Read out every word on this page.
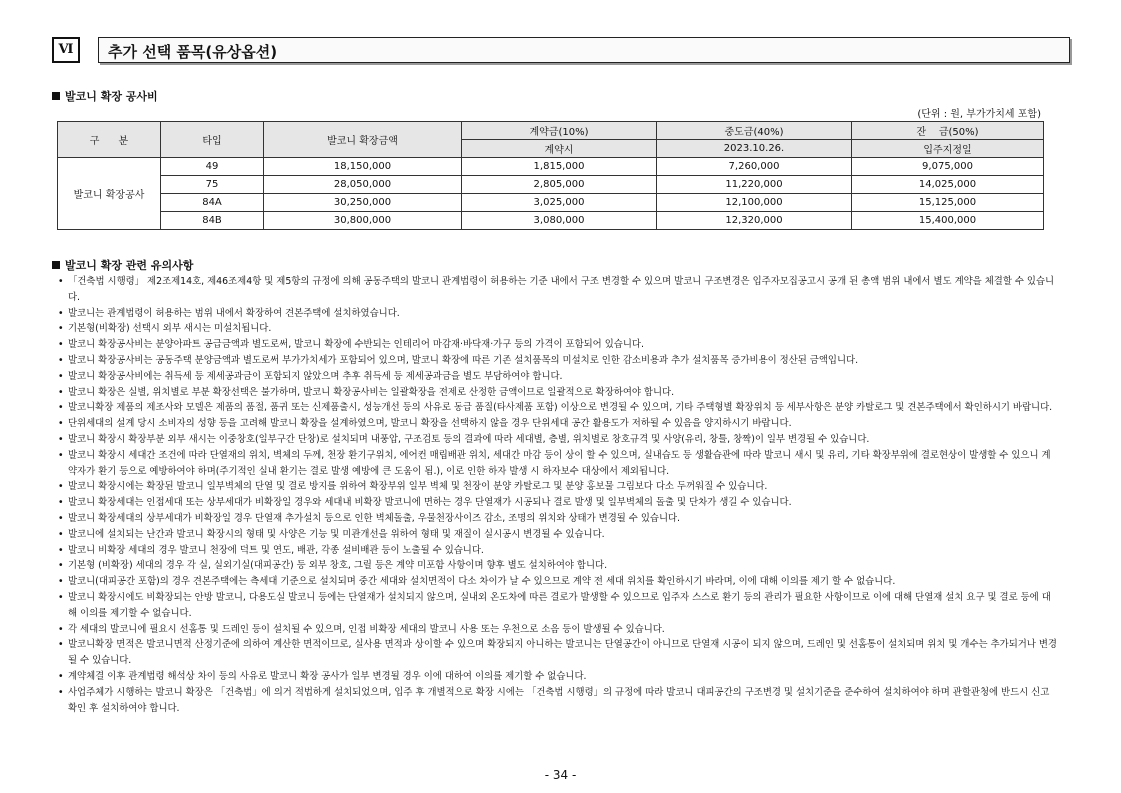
Ⅵ	추가 선택 품목(유상옵션)
발코니 확장 공사비
(단위 : 원, 부가가치세 포함)
구      분	타입	발코니 확장금액	계약금(10%)	중도금(40%)	잔    금(50%)
			계약시	2023.10.26.	입주지정일
발코니 확장공사	49	18,150,000	1,815,000	7,260,000	9,075,000
	75	28,050,000	2,805,000	11,220,000	14,025,000
	84A	30,250,000	3,025,000	12,100,000	15,125,000
	84B	30,800,000	3,080,000	12,320,000	15,400,000
발코니 확장 관련 유의사항
• 「건축법 시행령」 제2조제14호, 제46조제4항 및 제5항의 규정에 의해 공동주택의 발코니 관계법령이 허용하는 기준 내에서 구조 변경할 수 있으며 발코니 구조변경은 입주자모집공고시 공개 된 총액 범위 내에서 별도 계약을 체결할 수 있습니다.
• 발코니는 관계법령이 허용하는 범위 내에서 확장하여 견본주택에 설치하였습니다.
• 기본형(비확장) 선택시 외부 새시는 미설치됩니다.
• 발코니 확장공사비는 분양아파트 공급금액과 별도로써, 발코니 확장에 수반되는 인테리어 마감재·바닥재·가구 등의 가격이 포함되어 있습니다.
• 발코니 확장공사비는 공동주택 분양금액과 별도로써 부가가치세가 포함되어 있으며, 발코니 확장에 따른 기존 설치품목의 미설치로 인한 감소비용과 추가 설치품목 증가비용이 정산된 금액입니다.
• 발코니 확장공사비에는 취득세 등 제세공과금이 포함되지 않았으며 추후 취득세 등 제세공과금을 별도 부담하여야 합니다.
• 발코니 확장은 실별, 위치별로 부분 확장선택은 불가하며, 발코니 확장공사비는 일괄확장을 전제로 산정한 금액이므로 일괄적으로 확장하여야 합니다.
• 발코니확장 제품의 제조사와 모델은 제품의 품절, 품귀 또는 신제품출시, 성능개선 등의 사유로 동급 품질(타사제품 포함) 이상으로 변경될 수 있으며, 기타 주택형별 확장위치 등 세부사항은 분양 카탈로그 및 견본주택에서 확인하시기 바랍니다.
• 단위세대의 설계 당시 소비자의 성향 등을 고려해 발코니 확장을 설계하였으며, 발코니 확장을 선택하지 않을 경우 단위세대 공간 활용도가 저하될 수 있음을 양지하시기 바랍니다.
• 발코니 확장시 확장부분 외부 새시는 이중창호(일부구간 단창)로 설치되며 내풍압, 구조검토 등의 결과에 따라 세대별, 층별, 위치별로 창호규격 및 사양(유리, 창틀, 창짝)이 일부 변경될 수 있습니다.
• 발코니 확장시 세대간 조건에 따라 단열재의 위치, 벽체의 두께, 천장 환기구위치, 에어컨 매립배관 위치, 세대간 마감 등이 상이 할 수 있으며, 실내습도 등 생활습관에 따라 발코니 새시 및 유리, 기타 확장부위에 결로현상이 발생할 수 있으니 계약자가 환기 등으로 예방하여야 하며(주기적인 실내 환기는 결로 발생 예방에 큰 도움이 됨.), 이로 인한 하자 발생 시 하자보수 대상에서 제외됩니다.
• 발코니 확장시에는 확장된 발코니 일부벽체의 단열 및 결로 방지를 위하여 확장부위 일부 벽체 및 천장이 분양 카탈로그 및 분양 홍보물 그림보다 다소 두꺼워질 수 있습니다.
• 발코니 확장세대는 인접세대 또는 상부세대가 비확장일 경우와 세대내 비확장 발코니에 면하는 경우 단열재가 시공되나 결로 발생 및 일부벽체의 돌출 및 단차가 생길 수 있습니다.
• 발코니 확장세대의 상부세대가 비확장일 경우 단열재 추가설치 등으로 인한 벽체돌출, 우물천장사이즈 감소, 조명의 위치와 상태가 변경될 수 있습니다.
• 발코니에 설치되는 난간과 발코니 확장시의 형태 및 사양은 기능 및 미관개선을 위하여 형태 및 재질이 실시공시 변경될 수 있습니다.
• 발코니 비확장 세대의 경우 발코니 천장에 덕트 및 연도, 배관, 각종 설비배관 등이 노출될 수 있습니다.
• 기본형 (비확장) 세대의 경우 각 실, 실외기실(대피공간) 등 외부 창호, 그릴 등은 계약 미포함 사항이며 향후 별도 설치하여야 합니다.
• 발코니(대피공간 포함)의 경우 견본주택에는 측세대 기준으로 설치되며 중간 세대와 설치면적이 다소 차이가 날 수 있으므로 계약 전 세대 위치를 확인하시기 바라며, 이에 대해 이의를 제기 할 수 없습니다.
• 발코니 확장시에도 비확장되는 안방 발코니, 다용도실 발코니 등에는 단열재가 설치되지 않으며, 실내외 온도차에 따른 결로가 발생할 수 있으므로 입주자 스스로 환기 등의 관리가 필요한 사항이므로 이에 대해 단열재 설치 요구 및 결로 등에 대해 이의를 제기할 수 없습니다.
• 각 세대의 발코니에 필요시 선홈통 및 드레인 등이 설치될 수 있으며, 인접 비확장 세대의 발코니 사용 또는 우천으로 소음 등이 발생될 수 있습니다.
• 발코니확장 면적은 발코니면적 산정기준에 의하여 계산한 면적이므로, 실사용 면적과 상이할 수 있으며 확장되지 아니하는 발코니는 단열공간이 아니므로 단열재 시공이 되지 않으며, 드레인 및 선홈통이 설치되며 위치 및 개수는 추가되거나 변경될 수 있습니다.
• 계약체결 이후 관계법령 해석상 차이 등의 사유로 발코니 확장 공사가 일부 변경될 경우 이에 대하여 이의를 제기할 수 없습니다.
• 사업주체가 시행하는 발코니 확장은 「건축법」에 의거 적법하게 설치되었으며, 입주 후 개별적으로 확장 시에는 「건축법 시행령」의 규정에 따라 발코니 대피공간의 구조변경 및 설치기준을 준수하여 설치하여야 하며 관할관청에 반드시 신고 확인 후 설치하여야 합니다.
- 34 -
